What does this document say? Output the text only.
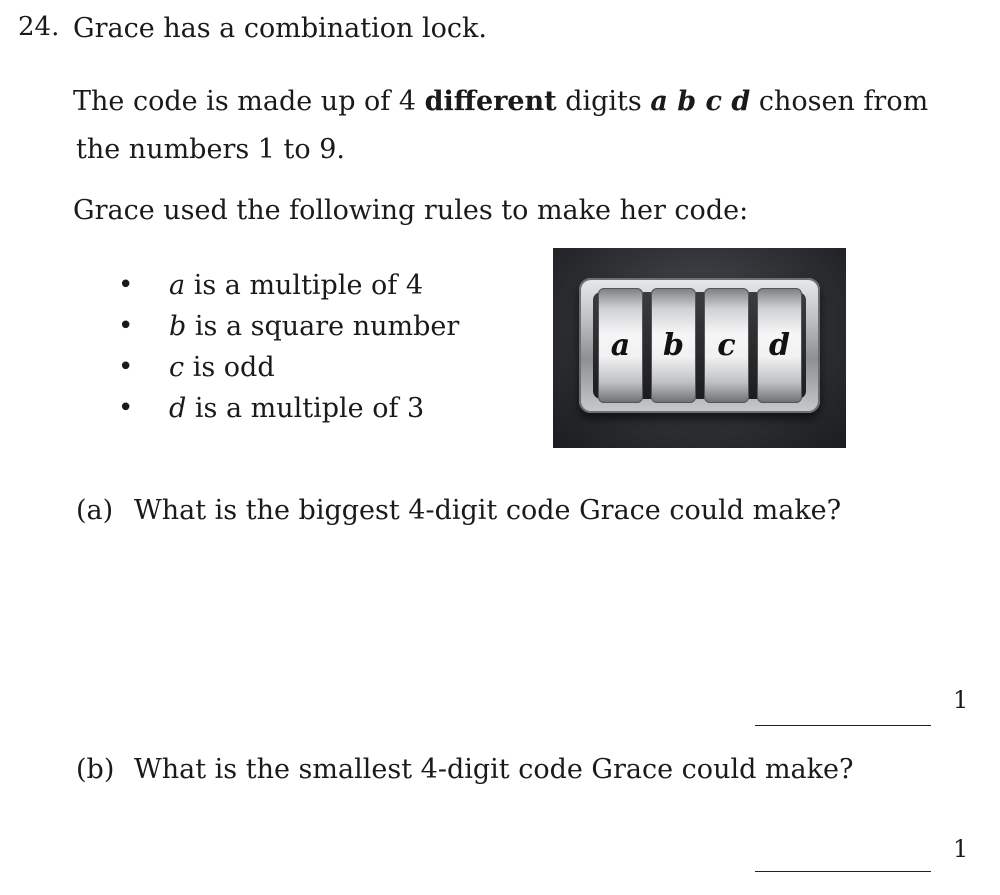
24. Grace has a combination lock.
The code is made up of 4 different digits a b c d chosen from
the numbers 1 to 9.
Grace used the following rules to make her code:
• a is a multiple of 4
• b is a square number
• c is odd
• d is a multiple of 3
a b c d
(a) What is the biggest 4-digit code Grace could make?
1
(b) What is the smallest 4-digit code Grace could make?
1
